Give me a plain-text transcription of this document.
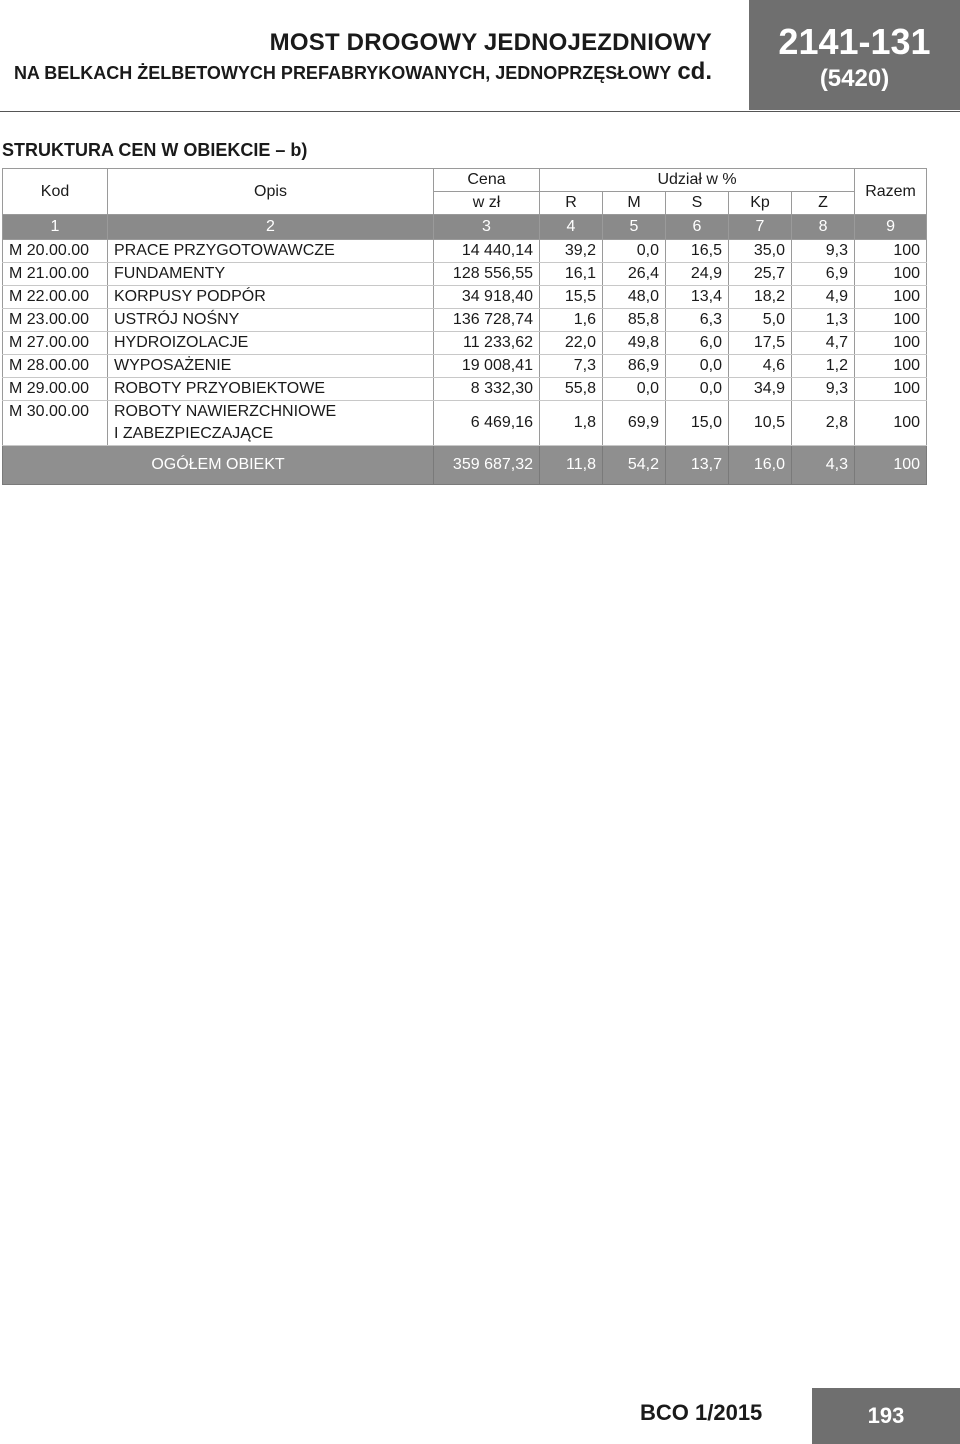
MOST DROGOWY JEDNOJEZDNIOWY
NA BELKACH ŻELBETOWYCH PREFABRYKOWANYCH, JEDNOPRZĘSŁOWY cd.
2141-131
(5420)
STRUKTURA CEN W OBIEKCIE – b)
Kod	Opis	Cena	Udział w %					Razem
		w zł	R	M	S	Kp	Z	
1	2	3	4	5	6	7	8	9
M 20.00.00	PRACE PRZYGOTOWAWCZE	14 440,14	39,2	0,0	16,5	35,0	9,3	100
M 21.00.00	FUNDAMENTY	128 556,55	16,1	26,4	24,9	25,7	6,9	100
M 22.00.00	KORPUSY PODPÓR	34 918,40	15,5	48,0	13,4	18,2	4,9	100
M 23.00.00	USTRÓJ NOŚNY	136 728,74	1,6	85,8	6,3	5,0	1,3	100
M 27.00.00	HYDROIZOLACJE	11 233,62	22,0	49,8	6,0	17,5	4,7	100
M 28.00.00	WYPOSAŻENIE	19 008,41	7,3	86,9	0,0	4,6	1,2	100
M 29.00.00	ROBOTY PRZYOBIEKTOWE	8 332,30	55,8	0,0	0,0	34,9	9,3	100
M 30.00.00	ROBOTY NAWIERZCHNIOWE
I ZABEZPIECZAJĄCE	6 469,16	1,8	69,9	15,0	10,5	2,8	100
OGÓŁEM OBIEKT		359 687,32	11,8	54,2	13,7	16,0	4,3	100
BCO 1/2015	193
